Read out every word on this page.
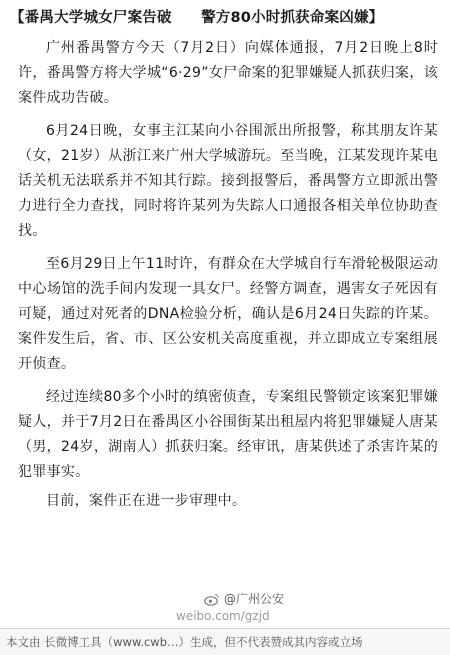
【番禺大学城女尸案告破　　警方80小时抓获命案凶嫌】

广州番禺警方今天（7月2日）向媒体通报，7月2日晚上8时许，番禺警方将大学城“6·29”女尸命案的犯罪嫌疑人抓获归案，该案件成功告破。

6月24日晚，女事主江某向小谷围派出所报警，称其朋友许某（女，21岁）从浙江来广州大学城游玩。至当晚，江某发现许某电话关机无法联系并不知其行踪。接到报警后，番禺警方立即派出警力进行全力查找，同时将许某列为失踪人口通报各相关单位协助查找。

至6月29日上午11时许，有群众在大学城自行车滑轮极限运动中心场馆的洗手间内发现一具女尸。经警方调查，遇害女子死因有可疑，通过对死者的DNA检验分析，确认是6月24日失踪的许某。案件发生后，省、市、区公安机关高度重视，并立即成立专案组展开侦查。

经过连续80多个小时的缜密侦查，专案组民警锁定该案犯罪嫌疑人，并于7月2日在番禺区小谷围街某出租屋内将犯罪嫌疑人唐某（男，24岁，湖南人）抓获归案。经审讯，唐某供述了杀害许某的犯罪事实。

目前，案件正在进一步审理中。

@广州公安
weibo.com/gzjd
本文由 长微博工具（www.cwb…）生成，但不代表赞成其内容或立场
